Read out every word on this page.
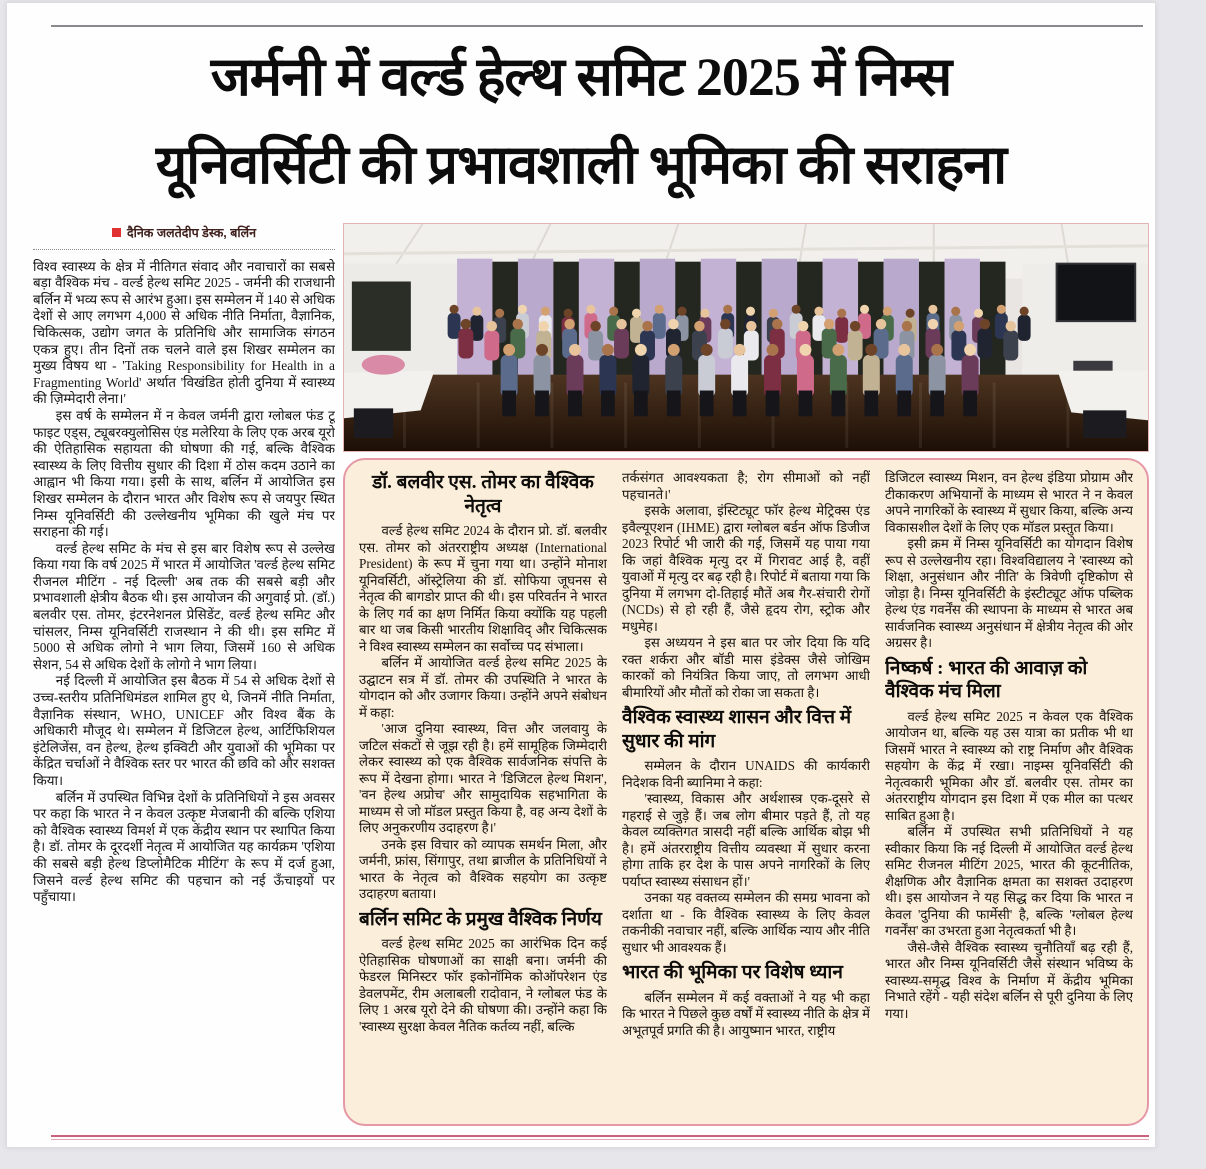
जर्मनी में वर्ल्ड हेल्थ समिट 2025 में निम्स
यूनिवर्सिटी की प्रभावशाली भूमिका की सराहना
दैनिक जलतेदीप डेस्क, बर्लिन

विश्व स्वास्थ्य के क्षेत्र में नीतिगत संवाद और नवाचारों का सबसे बड़ा वैश्विक मंच - वर्ल्ड हेल्थ समिट 2025 - जर्मनी की राजधानी बर्लिन में भव्य रूप से आरंभ हुआ। इस सम्मेलन में 140 से अधिक देशों से आए लगभग 4,000 से अधिक नीति निर्माता, वैज्ञानिक, चिकित्सक, उद्योग जगत के प्रतिनिधि और सामाजिक संगठन एकत्र हुए। तीन दिनों तक चलने वाले इस शिखर सम्मेलन का मुख्य विषय था - 'Taking Responsibility for Health in a Fragmenting World' अर्थात 'विखंडित होती दुनिया में स्वास्थ्य की ज़िम्मेदारी लेना।'

इस वर्ष के सम्मेलन में न केवल जर्मनी द्वारा ग्लोबल फंड टू फाइट एड्स, ट्यूबरक्युलोसिस एंड मलेरिया के लिए एक अरब यूरो की ऐतिहासिक सहायता की घोषणा की गई, बल्कि वैश्विक स्वास्थ्य के लिए वित्तीय सुधार की दिशा में ठोस कदम उठाने का आह्वान भी किया गया। इसी के साथ, बर्लिन में आयोजित इस शिखर सम्मेलन के दौरान भारत और विशेष रूप से जयपुर स्थित निम्स यूनिवर्सिटी की उल्लेखनीय भूमिका की खुले मंच पर सराहना की गई।

वर्ल्ड हेल्थ समिट के मंच से इस बार विशेष रूप से उल्लेख किया गया कि वर्ष 2025 में भारत में आयोजित 'वर्ल्ड हेल्थ समिट रीजनल मीटिंग - नई दिल्ली' अब तक की सबसे बड़ी और प्रभावशाली क्षेत्रीय बैठक थी। इस आयोजन की अगुवाई प्रो. (डॉ.) बलवीर एस. तोमर, इंटरनेशनल प्रेसिडेंट, वर्ल्ड हेल्थ समिट और चांसलर, निम्स यूनिवर्सिटी राजस्थान ने की थी। इस समिट में 5000 से अधिक लोगो ने भाग लिया, जिसमें 160 से अधिक सेशन, 54 से अधिक देशों के लोगो ने भाग लिया।

नई दिल्ली में आयोजित इस बैठक में 54 से अधिक देशों से उच्च-स्तरीय प्रतिनिधिमंडल शामिल हुए थे, जिनमें नीति निर्माता, वैज्ञानिक संस्थान, WHO, UNICEF और विश्व बैंक के अधिकारी मौजूद थे। सम्मेलन में डिजिटल हेल्थ, आर्टिफिशियल इंटेलिजेंस, वन हेल्थ, हेल्थ इक्विटी और युवाओं की भूमिका पर केंद्रित चर्चाओं ने वैश्विक स्तर पर भारत की छवि को और सशक्त किया।

बर्लिन में उपस्थित विभिन्न देशों के प्रतिनिधियों ने इस अवसर पर कहा कि भारत ने न केवल उत्कृष्ट मेजबानी की बल्कि एशिया को वैश्विक स्वास्थ्य विमर्श में एक केंद्रीय स्थान पर स्थापित किया है। डॉ. तोमर के दूरदर्शी नेतृत्व में आयोजित यह कार्यक्रम 'एशिया की सबसे बड़ी हेल्थ डिप्लोमैटिक मीटिंग' के रूप में दर्ज हुआ, जिसने वर्ल्ड हेल्थ समिट की पहचान को नई ऊँचाइयों पर पहुँचाया।

डॉ. बलवीर एस. तोमर का वैश्विक नेतृत्व

वर्ल्ड हेल्थ समिट 2024 के दौरान प्रो. डॉ. बलवीर एस. तोमर को अंतरराष्ट्रीय अध्यक्ष (International President) के रूप में चुना गया था। उन्होंने मोनाश यूनिवर्सिटी, ऑस्ट्रेलिया की डॉ. सोफिया जूघनस से नेतृत्व की बागडोर प्राप्त की थी। इस परिवर्तन ने भारत के लिए गर्व का क्षण निर्मित किया क्योंकि यह पहली बार था जब किसी भारतीय शिक्षाविद् और चिकित्सक ने विश्व स्वास्थ्य सम्मेलन का सर्वोच्च पद संभाला।

बर्लिन में आयोजित वर्ल्ड हेल्थ समिट 2025 के उद्घाटन सत्र में डॉ. तोमर की उपस्थिति ने भारत के योगदान को और उजागर किया। उन्होंने अपने संबोधन में कहा:

'आज दुनिया स्वास्थ्य, वित्त और जलवायु के जटिल संकटों से जूझ रही है। हमें सामूहिक जिम्मेदारी लेकर स्वास्थ्य को एक वैश्विक सार्वजनिक संपत्ति के रूप में देखना होगा। भारत ने 'डिजिटल हेल्थ मिशन', 'वन हेल्थ अप्रोच' और सामुदायिक सहभागिता के माध्यम से जो मॉडल प्रस्तुत किया है, वह अन्य देशों के लिए अनुकरणीय उदाहरण है।'

उनके इस विचार को व्यापक समर्थन मिला, और जर्मनी, फ्रांस, सिंगापुर, तथा ब्राजील के प्रतिनिधियों ने भारत के नेतृत्व को वैश्विक सहयोग का उत्कृष्ट उदाहरण बताया।

बर्लिन समिट के प्रमुख वैश्विक निर्णय

वर्ल्ड हेल्थ समिट 2025 का आरंभिक दिन कई ऐतिहासिक घोषणाओं का साक्षी बना। जर्मनी की फेडरल मिनिस्टर फॉर इकोनॉमिक कोऑपरेशन एंड डेवलपमेंट, रीम अलाबली रादोवान, ने ग्लोबल फंड के लिए 1 अरब यूरो देने की घोषणा की। उन्होंने कहा कि 'स्वास्थ्य सुरक्षा केवल नैतिक कर्तव्य नहीं, बल्कि

तर्कसंगत आवश्यकता है; रोग सीमाओं को नहीं पहचानते।'

इसके अलावा, इंस्टिट्यूट फॉर हेल्थ मेट्रिक्स एंड इवैल्यूएशन (IHME) द्वारा ग्लोबल बर्डन ऑफ डिजीज 2023 रिपोर्ट भी जारी की गई, जिसमें यह पाया गया कि जहां वैश्विक मृत्यु दर में गिरावट आई है, वहीं युवाओं में मृत्यु दर बढ़ रही है। रिपोर्ट में बताया गया कि दुनिया में लगभग दो-तिहाई मौतें अब गैर-संचारी रोगों (NCDs) से हो रही हैं, जैसे हृदय रोग, स्ट्रोक और मधुमेह।

इस अध्ययन ने इस बात पर जोर दिया कि यदि रक्त शर्करा और बॉडी मास इंडेक्स जैसे जोखिम कारकों को नियंत्रित किया जाए, तो लगभग आधी बीमारियों और मौतों को रोका जा सकता है।

वैश्विक स्वास्थ्य शासन और वित्त में सुधार की मांग

सम्मेलन के दौरान UNAIDS की कार्यकारी निदेशक विनी ब्यानिमा ने कहा:

'स्वास्थ्य, विकास और अर्थशास्त्र एक-दूसरे से गहराई से जुड़े हैं। जब लोग बीमार पड़ते हैं, तो यह केवल व्यक्तिगत त्रासदी नहीं बल्कि आर्थिक बोझ भी है। हमें अंतरराष्ट्रीय वित्तीय व्यवस्था में सुधार करना होगा ताकि हर देश के पास अपने नागरिकों के लिए पर्याप्त स्वास्थ्य संसाधन हों।'

उनका यह वक्तव्य सम्मेलन की समग्र भावना को दर्शाता था - कि वैश्विक स्वास्थ्य के लिए केवल तकनीकी नवाचार नहीं, बल्कि आर्थिक न्याय और नीति सुधार भी आवश्यक हैं।

भारत की भूमिका पर विशेष ध्यान

बर्लिन सम्मेलन में कई वक्ताओं ने यह भी कहा कि भारत ने पिछले कुछ वर्षों में स्वास्थ्य नीति के क्षेत्र में अभूतपूर्व प्रगति की है। आयुष्मान भारत, राष्ट्रीय

डिजिटल स्वास्थ्य मिशन, वन हेल्थ इंडिया प्रोग्राम और टीकाकरण अभियानों के माध्यम से भारत ने न केवल अपने नागरिकों के स्वास्थ्य में सुधार किया, बल्कि अन्य विकासशील देशों के लिए एक मॉडल प्रस्तुत किया।

इसी क्रम में निम्स यूनिवर्सिटी का योगदान विशेष रूप से उल्लेखनीय रहा। विश्वविद्यालय ने 'स्वास्थ्य को शिक्षा, अनुसंधान और नीति' के त्रिवेणी दृष्टिकोण से जोड़ा है। निम्स यूनिवर्सिटी के इंस्टीट्यूट ऑफ पब्लिक हेल्थ एंड गवर्नेंस की स्थापना के माध्यम से भारत अब सार्वजनिक स्वास्थ्य अनुसंधान में क्षेत्रीय नेतृत्व की ओर अग्रसर है।

निष्कर्ष : भारत की आवाज़ को वैश्विक मंच मिला

वर्ल्ड हेल्थ समिट 2025 न केवल एक वैश्विक आयोजन था, बल्कि यह उस यात्रा का प्रतीक भी था जिसमें भारत ने स्वास्थ्य को राष्ट्र निर्माण और वैश्विक सहयोग के केंद्र में रखा। नाइम्स यूनिवर्सिटी की नेतृत्वकारी भूमिका और डॉ. बलवीर एस. तोमर का अंतरराष्ट्रीय योगदान इस दिशा में एक मील का पत्थर साबित हुआ है।

बर्लिन में उपस्थित सभी प्रतिनिधियों ने यह स्वीकार किया कि नई दिल्ली में आयोजित वर्ल्ड हेल्थ समिट रीजनल मीटिंग 2025, भारत की कूटनीतिक, शैक्षणिक और वैज्ञानिक क्षमता का सशक्त उदाहरण थी। इस आयोजन ने यह सिद्ध कर दिया कि भारत न केवल 'दुनिया की फार्मेसी' है, बल्कि 'ग्लोबल हेल्थ गवर्नेंस' का उभरता हुआ नेतृत्वकर्ता भी है।

जैसे-जैसे वैश्विक स्वास्थ्य चुनौतियाँ बढ़ रही हैं, भारत और निम्स यूनिवर्सिटी जैसे संस्थान भविष्य के स्वास्थ्य-समृद्ध विश्व के निर्माण में केंद्रीय भूमिका निभाते रहेंगे - यही संदेश बर्लिन से पूरी दुनिया के लिए गया।
